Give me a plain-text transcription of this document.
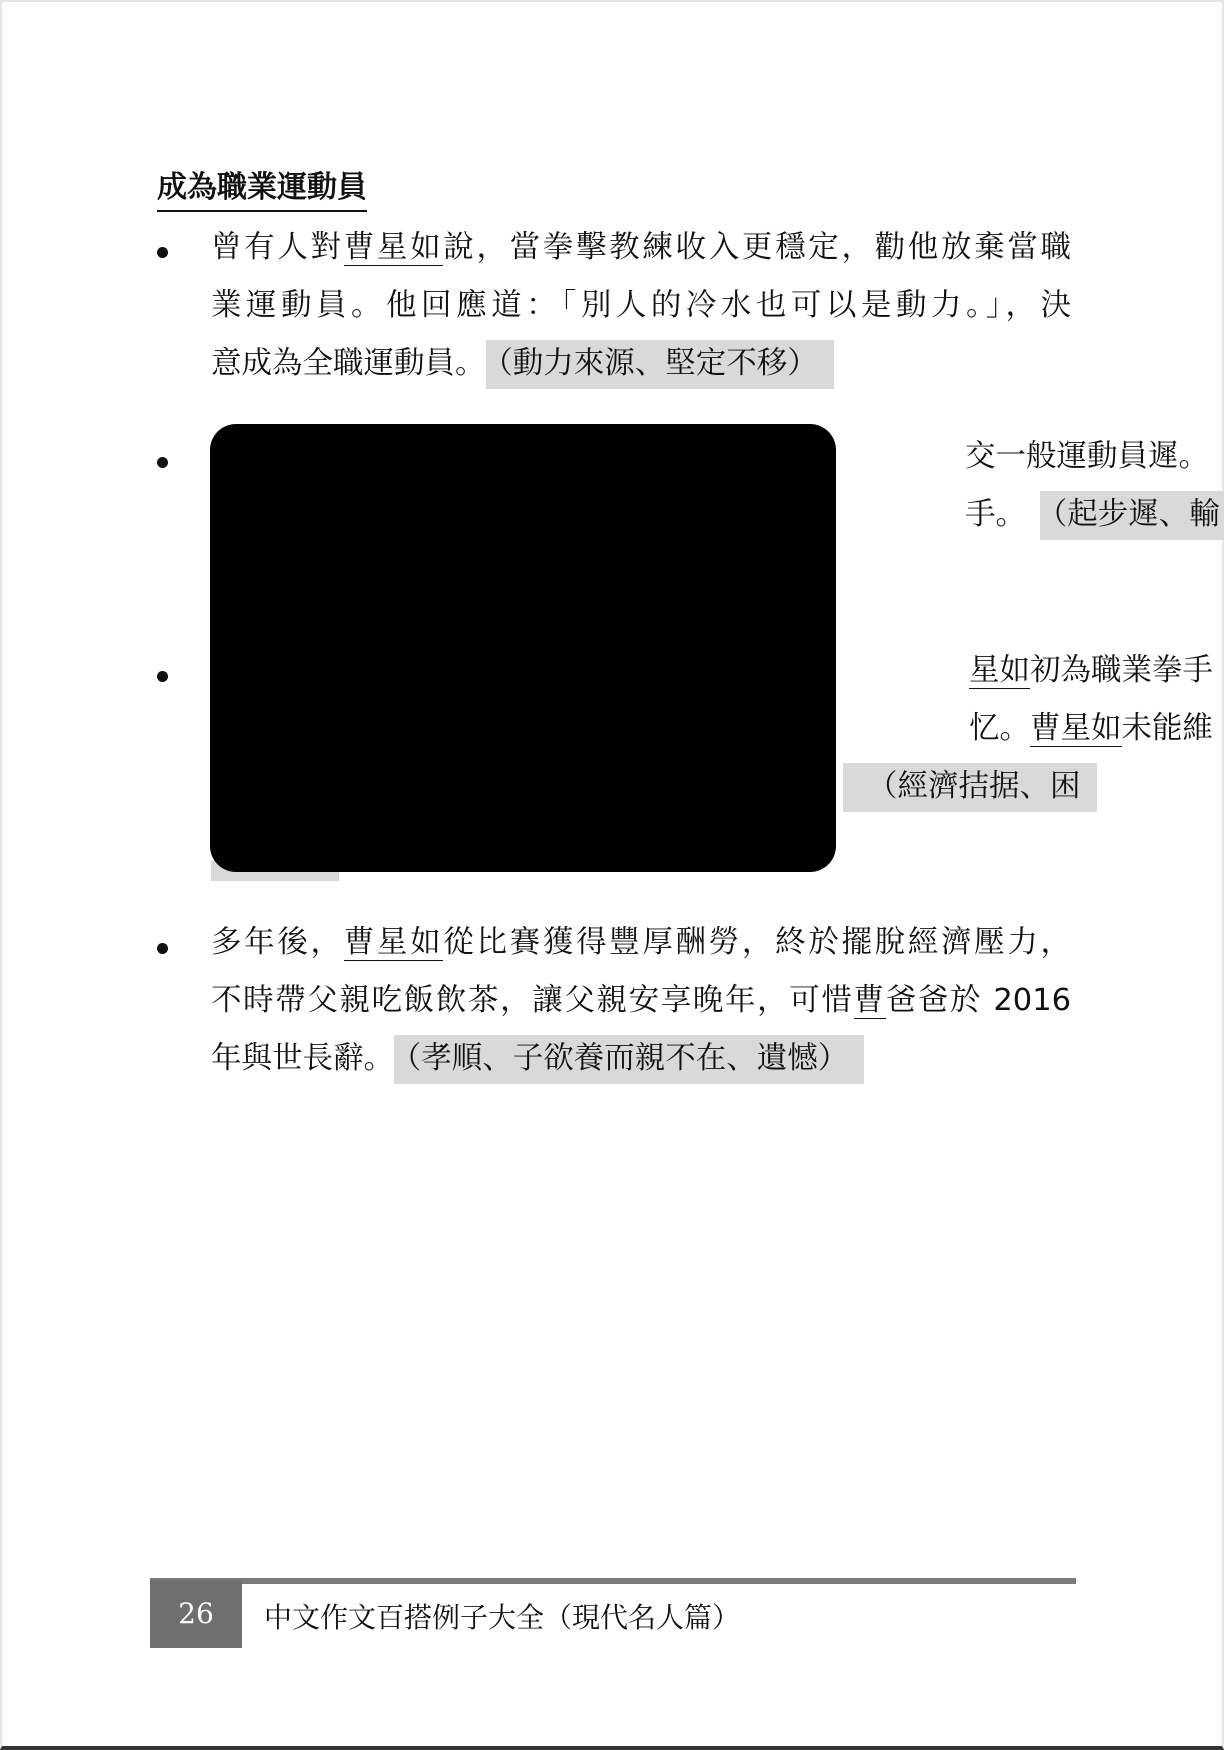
成為職業運動員
曾有人對曹星如說，當拳擊教練收入更穩定，勸他放棄當職
業運動員。他回應道：「別人的冷水也可以是動力。」，決
意成為全職運動員。 （動力來源、堅定不移）
交一般運動員遲。
手。 （起步遲、輸
星如初為職業拳手
忆。曹星如未能維
（經濟拮据、困
多年後，曹星如從比賽獲得豐厚酬勞，終於擺脫經濟壓力，
不時帶父親吃飯飲茶，讓父親安享晚年，可惜曹爸爸於 2016
年與世長辭。 （孝順、子欲養而親不在、遺憾）
26	中文作文百搭例子大全（現代名人篇）
